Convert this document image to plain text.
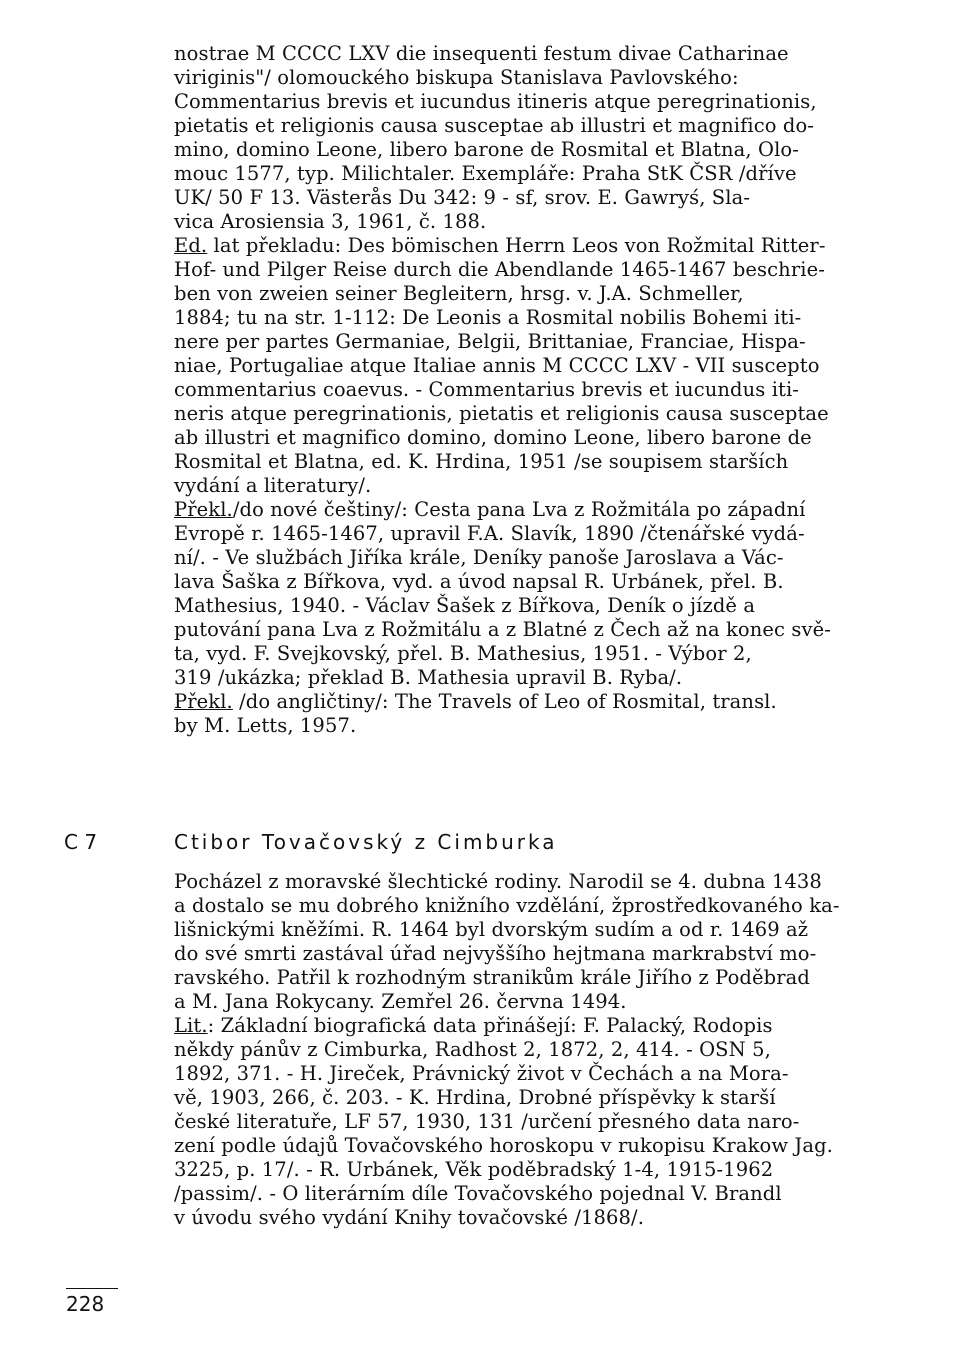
nostrae M CCCC LXV die insequenti festum divae Catharinae
viriginis"/ olomouckého biskupa Stanislava Pavlovského:
Commentarius brevis et iucundus itineris atque peregrinationis,
pietatis et religionis causa susceptae ab illustri et magnifico do-
mino, domino Leone, libero barone de Rosmital et Blatna, Olo-
mouc 1577, typ. Milichtaler. Exempláře: Praha StK ČSR /dříve
UK/ 50 F 13. Västerås Du 342: 9 - sf, srov. E. Gawryś, Sla-
vica Arosiensia 3, 1961, č. 188.
Ed. lat překladu: Des bömischen Herrn Leos von Rožmital Ritter-
Hof- und Pilger Reise durch die Abendlande 1465-1467 beschrie-
ben von zweien seiner Begleitern, hrsg. v. J.A. Schmeller,
1884; tu na str. 1-112: De Leonis a Rosmital nobilis Bohemi iti-
nere per partes Germaniae, Belgii, Brittaniae, Franciae, Hispa-
niae, Portugaliae atque Italiae annis M CCCC LXV - VII suscepto
commentarius coaevus. - Commentarius brevis et iucundus iti-
neris atque peregrinationis, pietatis et religionis causa susceptae
ab illustri et magnifico domino, domino Leone, libero barone de
Rosmital et Blatna, ed. K. Hrdina, 1951 /se soupisem starších
vydání a literatury/.
Překl./do nové češtiny/: Cesta pana Lva z Rožmitála po západní
Evropě r. 1465-1467, upravil F.A. Slavík, 1890 /čtenářské vydá-
ní/. - Ve službách Jiříka krále, Deníky panoše Jaroslava a Vác-
lava Šaška z Bířkova, vyd. a úvod napsal R. Urbánek, přel. B.
Mathesius, 1940. - Václav Šašek z Bířkova, Deník o jízdě a
putování pana Lva z Rožmitálu a z Blatné z Čech až na konec svě-
ta, vyd. F. Svejkovský, přel. B. Mathesius, 1951. - Výbor 2,
319 /ukázka; překlad B. Mathesia upravil B. Ryba/.
Překl. /do angličtiny/: The Travels of Leo of Rosmital, transl.
by M. Letts, 1957.
C 7	Ctibor Tovačovský z Cimburka
Pocházel z moravské šlechtické rodiny. Narodil se 4. dubna 1438
a dostalo se mu dobrého knižního vzdělání, žprostředkovaného ka-
lišnickými kněžími. R. 1464 byl dvorským sudím a od r. 1469 až
do své smrti zastával úřad nejvyššího hejtmana markrabství mo-
ravského. Patřil k rozhodným stranikům krále Jiřího z Poděbrad
a M. Jana Rokycany. Zemřel 26. června 1494.
Lit.: Základní biografická data přinášejí: F. Palacký, Rodopis
někdy pánův z Cimburka, Radhost 2, 1872, 2, 414. - OSN 5,
1892, 371. - H. Jireček, Právnický život v Čechách a na Mora-
vě, 1903, 266, č. 203. - K. Hrdina, Drobné příspěvky k starší
české literatuře, LF 57, 1930, 131 /určení přesného data naro-
zení podle údajů Tovačovského horoskopu v rukopisu Krakow Jag.
3225, p. 17/. - R. Urbánek, Věk poděbradský 1-4, 1915-1962
/passim/. - O literárním díle Tovačovského pojednal V. Brandl
v úvodu svého vydání Knihy tovačovské /1868/.
228
